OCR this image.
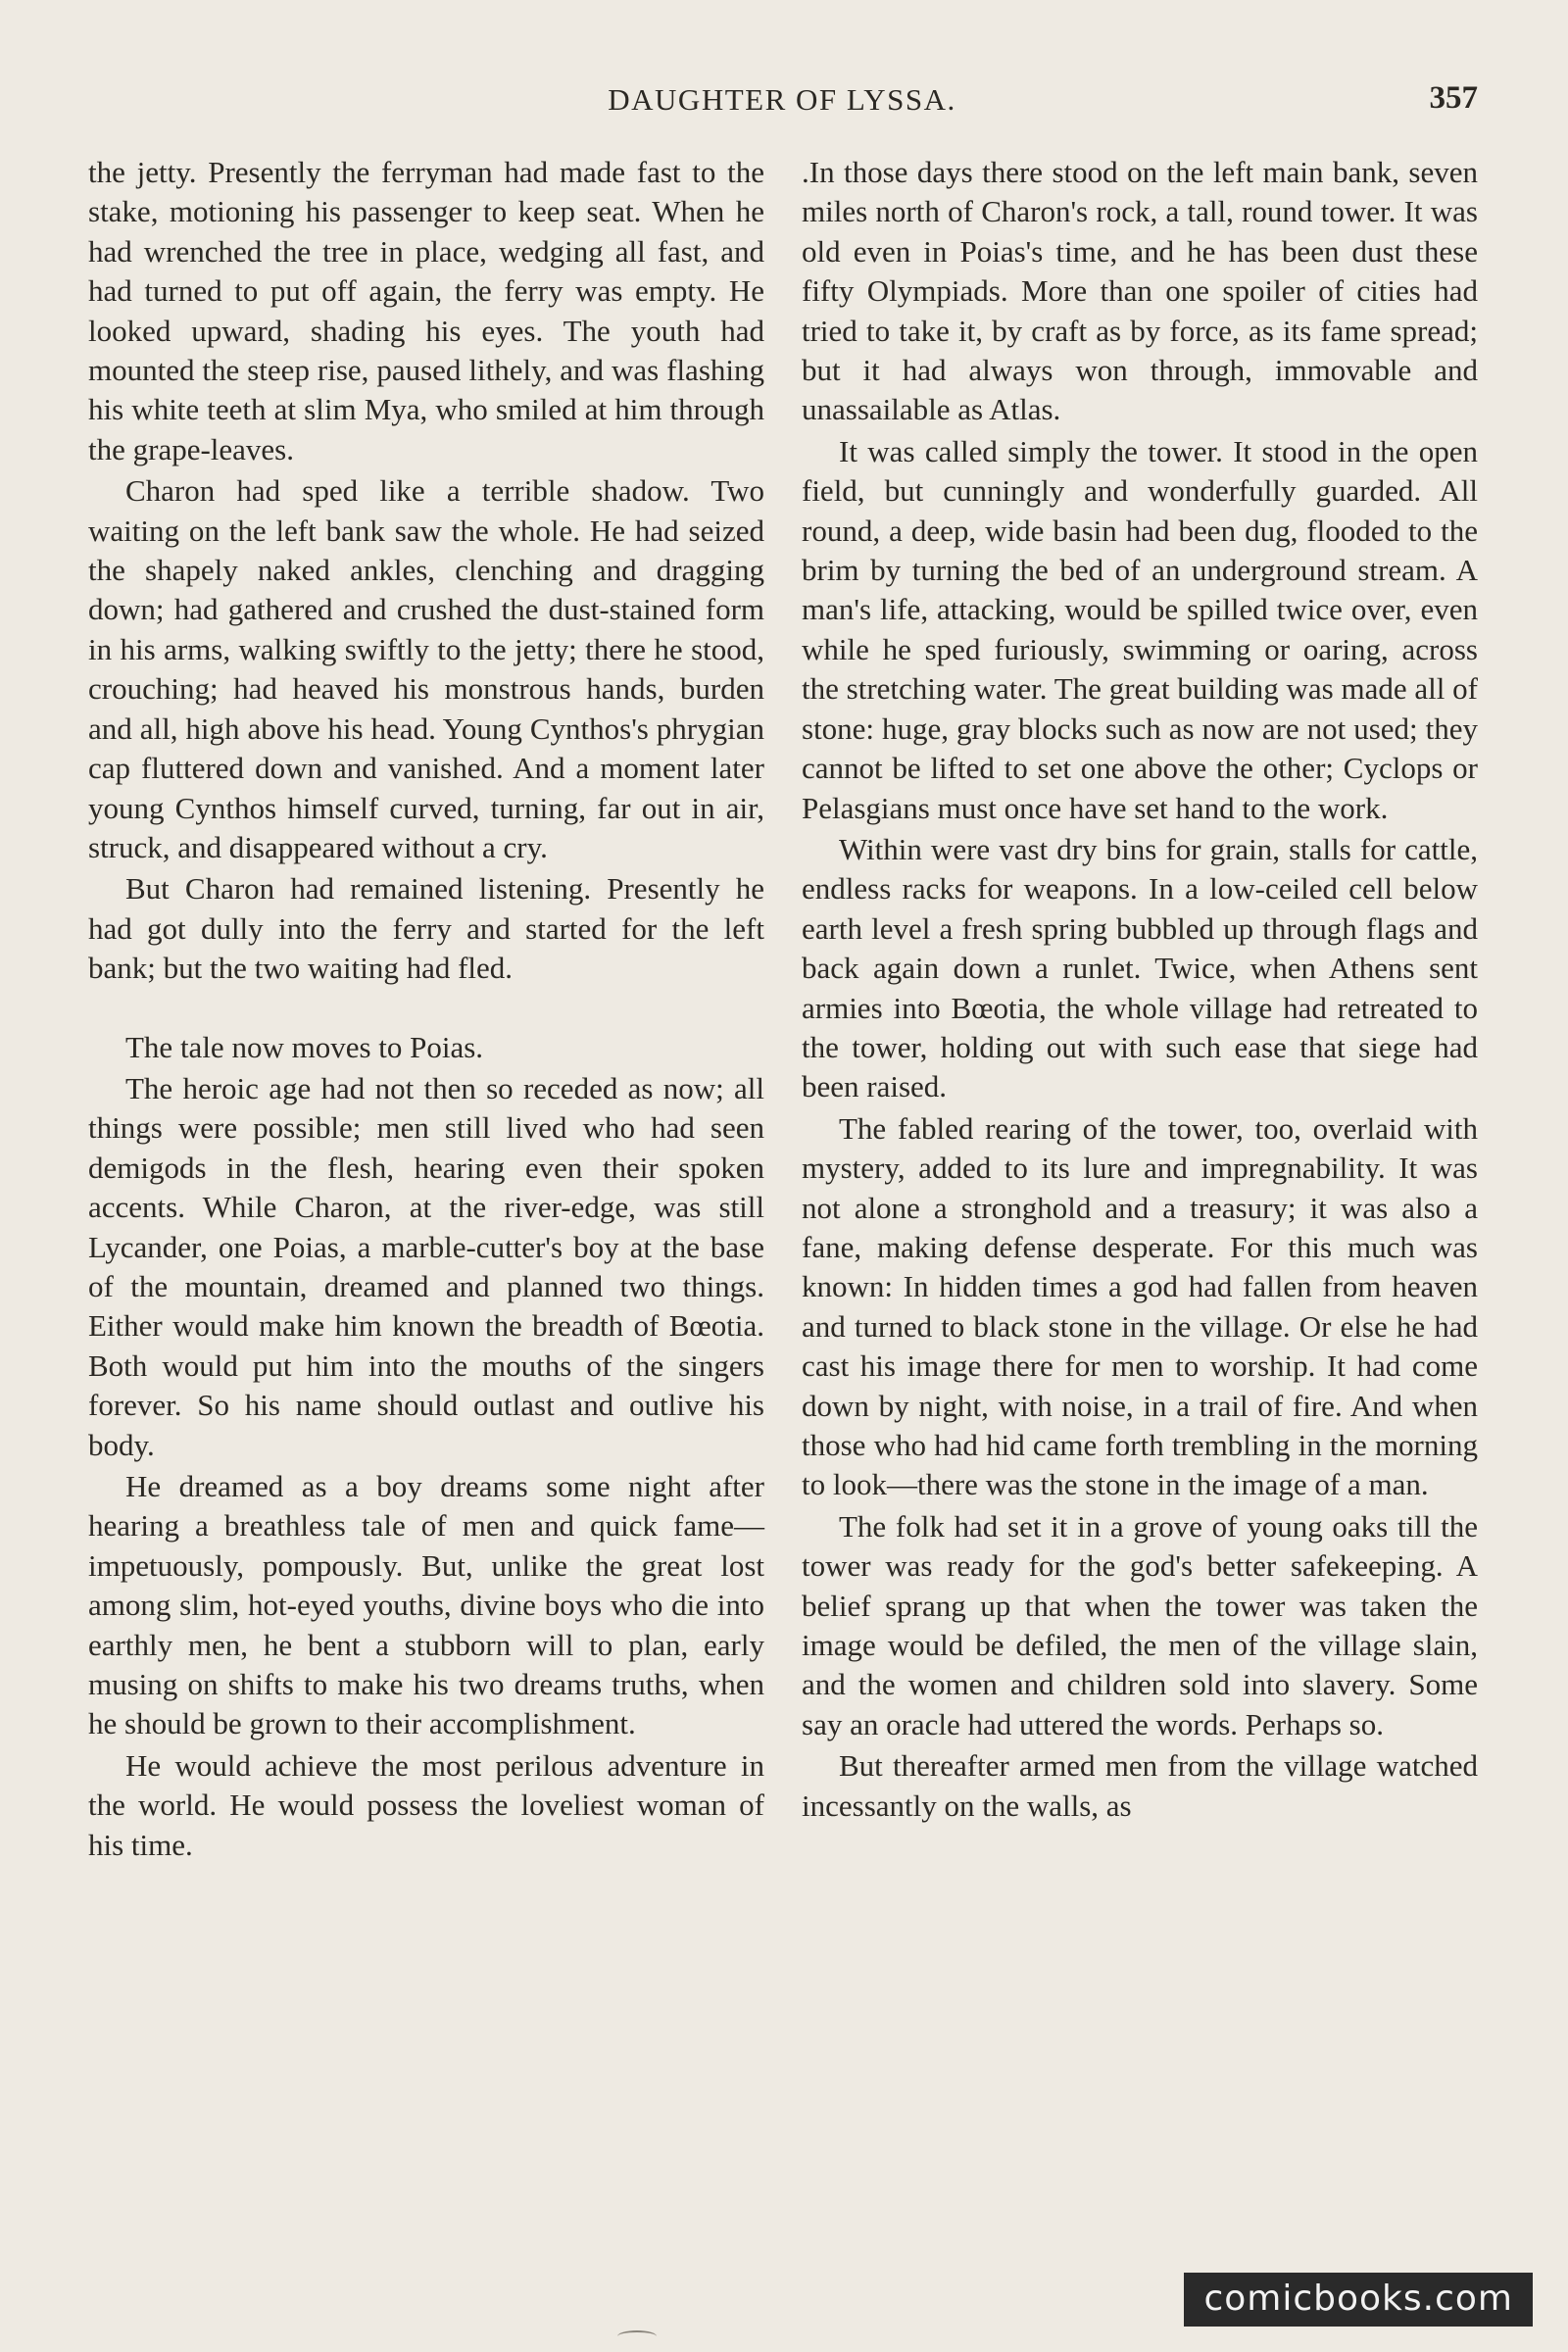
DAUGHTER OF LYSSA.	357

the jetty. Presently the ferryman had made fast to the stake, motioning his passenger to keep seat. When he had wrenched the tree in place, wedging all fast, and had turned to put off again, the ferry was empty. He looked upward, shading his eyes. The youth had mounted the steep rise, paused lithely, and was flashing his white teeth at slim Mya, who smiled at him through the grape-leaves.

Charon had sped like a terrible shadow. Two waiting on the left bank saw the whole. He had seized the shapely naked ankles, clenching and dragging down; had gathered and crushed the dust-stained form in his arms, walking swiftly to the jetty; there he stood, crouching; had heaved his monstrous hands, burden and all, high above his head. Young Cynthos's phrygian cap fluttered down and vanished. And a moment later young Cynthos himself curved, turning, far out in air, struck, and disappeared without a cry.

But Charon had remained listening. Presently he had got dully into the ferry and started for the left bank; but the two waiting had fled.

The tale now moves to Poias.

The heroic age had not then so receded as now; all things were possible; men still lived who had seen demigods in the flesh, hearing even their spoken accents. While Charon, at the river-edge, was still Lycander, one Poias, a marble-cutter's boy at the base of the mountain, dreamed and planned two things. Either would make him known the breadth of Bœotia. Both would put him into the mouths of the singers forever. So his name should outlast and outlive his body.

He dreamed as a boy dreams some night after hearing a breathless tale of men and quick fame—impetuously, pompously. But, unlike the great lost among slim, hot-eyed youths, divine boys who die into earthly men, he bent a stubborn will to plan, early musing on shifts to make his two dreams truths, when he should be grown to their accomplishment.

He would achieve the most perilous adventure in the world. He would possess the loveliest woman of his time.

.In those days there stood on the left main bank, seven miles north of Charon's rock, a tall, round tower. It was old even in Poias's time, and he has been dust these fifty Olympiads. More than one spoiler of cities had tried to take it, by craft as by force, as its fame spread; but it had always won through, immovable and unassailable as Atlas.

It was called simply the tower. It stood in the open field, but cunningly and wonderfully guarded. All round, a deep, wide basin had been dug, flooded to the brim by turning the bed of an underground stream. A man's life, attacking, would be spilled twice over, even while he sped furiously, swimming or oaring, across the stretching water. The great building was made all of stone: huge, gray blocks such as now are not used; they cannot be lifted to set one above the other; Cyclops or Pelasgians must once have set hand to the work.

Within were vast dry bins for grain, stalls for cattle, endless racks for weapons. In a low-ceiled cell below earth level a fresh spring bubbled up through flags and back again down a runlet. Twice, when Athens sent armies into Bœotia, the whole village had retreated to the tower, holding out with such ease that siege had been raised.

The fabled rearing of the tower, too, overlaid with mystery, added to its lure and impregnability. It was not alone a stronghold and a treasury; it was also a fane, making defense desperate. For this much was known: In hidden times a god had fallen from heaven and turned to black stone in the village. Or else he had cast his image there for men to worship. It had come down by night, with noise, in a trail of fire. And when those who had hid came forth trembling in the morning to look—there was the stone in the image of a man.

The folk had set it in a grove of young oaks till the tower was ready for the god's better safekeeping. A belief sprang up that when the tower was taken the image would be defiled, the men of the village slain, and the women and children sold into slavery. Some say an oracle had uttered the words. Perhaps so.

But thereafter armed men from the village watched incessantly on the walls, as

comicbooks.com
